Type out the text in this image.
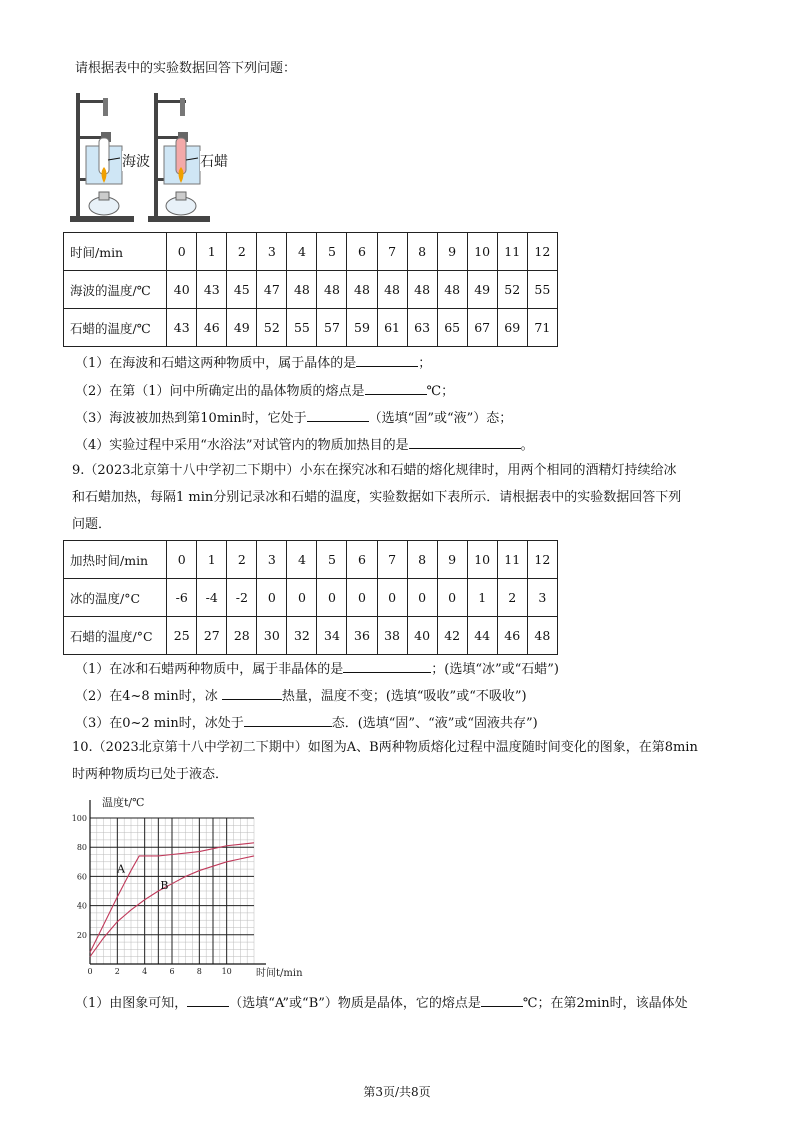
请根据表中的实验数据回答下列问题：
海波	石蜡
时间/min	0	1	2	3	4	5	6	7	8	9	10	11	12
海波的温度/℃	40	43	45	47	48	48	48	48	48	48	49	52	55
石蜡的温度/℃	43	46	49	52	55	57	59	61	63	65	67	69	71
（1）在海波和石蜡这两种物质中，属于晶体的是	；
（2）在第（1）问中所确定出的晶体物质的熔点是	℃；
（3）海波被加热到第10min时，它处于	（选填“固”或“液”）态；
（4）实验过程中采用“水浴法”对试管内的物质加热目的是	。
9.（2023北京第十八中学初二下期中）小东在探究冰和石蜡的熔化规律时，用两个相同的酒精灯持续给冰
和石蜡加热，每隔1 min分别记录冰和石蜡的温度，实验数据如下表所示．请根据表中的实验数据回答下列
问题．
加热时间/min	0	1	2	3	4	5	6	7	8	9	10	11	12
冰的温度/°C	-6	-4	-2	0	0	0	0	0	0	0	1	2	3
石蜡的温度/°C	25	27	28	30	32	34	36	38	40	42	44	46	48
（1）在冰和石蜡两种物质中，属于非晶体的是	；(选填“冰”或“石蜡”)
（2）在4~8 min时，冰	热量，温度不变；(选填“吸收”或“不吸收”)
（3）在0~2 min时，冰处于	态．(选填“固”、“液”或“固液共存”)
10.（2023北京第十八中学初二下期中）如图为A、B两种物质熔化过程中温度随时间变化的图象，在第8min
时两种物质均已处于液态．
20
40
60
80
100
0	2	4	6	8 10
温度t/℃
时间t/min
A
B
（1）由图象可知，	（选填“A”或“B”）物质是晶体，它的熔点是	℃；在第2min时，该晶体处
第3页/共8页
